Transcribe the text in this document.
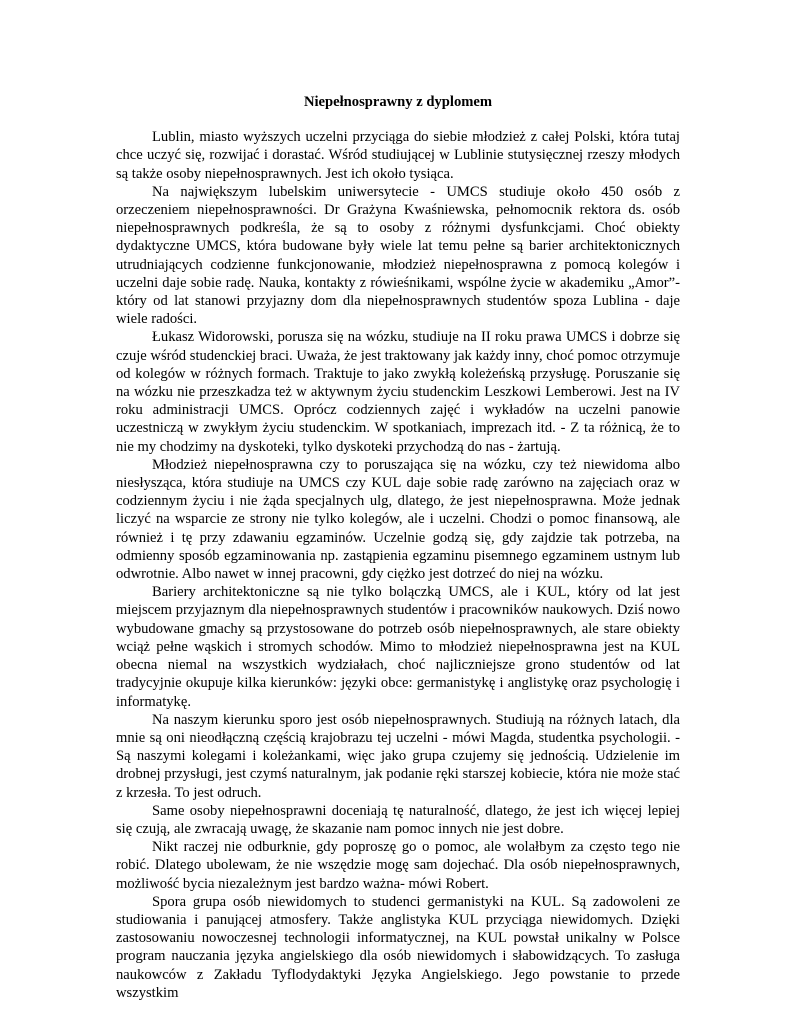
Niepełnosprawny z dyplomem

Lublin, miasto wyższych uczelni przyciąga do siebie młodzież z całej Polski, która tutaj chce uczyć się, rozwijać i dorastać. Wśród studiującej w Lublinie stutysięcznej rzeszy młodych są także osoby niepełnosprawnych. Jest ich około tysiąca.

Na największym lubelskim uniwersytecie - UMCS studiuje około 450 osób z orzeczeniem niepełnosprawności. Dr Grażyna Kwaśniewska, pełnomocnik rektora ds. osób niepełnosprawnych podkreśla, że są to osoby z różnymi dysfunkcjami. Choć obiekty dydaktyczne UMCS, która budowane były wiele lat temu pełne są barier architektonicznych utrudniających codzienne funkcjonowanie, młodzież niepełnosprawna z pomocą kolegów i uczelni daje sobie radę. Nauka, kontakty z rówieśnikami, wspólne życie w akademiku „Amor”- który od lat stanowi przyjazny dom dla niepełnosprawnych studentów spoza Lublina - daje wiele radości.

Łukasz Widorowski, porusza się na wózku, studiuje na II roku prawa UMCS i dobrze się czuje wśród studenckiej braci. Uważa, że jest traktowany jak każdy inny, choć pomoc otrzymuje od kolegów w różnych formach. Traktuje to jako zwykłą koleżeńską przysługę. Poruszanie się na wózku nie przeszkadza też w aktywnym życiu studenckim Leszkowi Lemberowi. Jest na IV roku administracji UMCS. Oprócz codziennych zajęć i wykładów na uczelni panowie uczestniczą w zwykłym życiu studenckim. W spotkaniach, imprezach itd. - Z ta różnicą, że to nie my chodzimy na dyskoteki, tylko dyskoteki przychodzą do nas - żartują.

Młodzież niepełnosprawna czy to poruszająca się na wózku, czy też niewidoma albo niesłysząca, która studiuje na UMCS czy KUL daje sobie radę zarówno na zajęciach oraz w codziennym życiu i nie żąda specjalnych ulg, dlatego, że jest niepełnosprawna. Może jednak liczyć na wsparcie ze strony nie tylko kolegów, ale i uczelni. Chodzi o pomoc finansową, ale również i tę przy zdawaniu egzaminów. Uczelnie godzą się, gdy zajdzie tak potrzeba, na odmienny sposób egzaminowania np. zastąpienia egzaminu pisemnego egzaminem ustnym lub odwrotnie. Albo nawet w innej pracowni, gdy ciężko jest dotrzeć do niej na wózku.

Bariery architektoniczne są nie tylko bolączką UMCS, ale i KUL, który od lat jest miejscem przyjaznym dla niepełnosprawnych studentów i pracowników naukowych. Dziś nowo wybudowane gmachy są przystosowane do potrzeb osób niepełnosprawnych, ale stare obiekty wciąż pełne wąskich i stromych schodów. Mimo to młodzież niepełnosprawna jest na KUL obecna niemal na wszystkich wydziałach, choć najliczniejsze grono studentów od lat tradycyjnie okupuje kilka kierunków: języki obce: germanistykę i anglistykę oraz psychologię i informatykę.

Na naszym kierunku sporo jest osób niepełnosprawnych. Studiują na różnych latach, dla mnie są oni nieodłączną częścią krajobrazu tej uczelni - mówi Magda, studentka psychologii. - Są naszymi kolegami i koleżankami, więc jako grupa czujemy się jednością. Udzielenie im drobnej przysługi, jest czymś naturalnym, jak podanie ręki starszej kobiecie, która nie może stać z krzesła. To jest odruch.

Same osoby niepełnosprawni doceniają tę naturalność, dlatego, że jest ich więcej lepiej się czują, ale zwracają uwagę, że skazanie nam pomoc innych nie jest dobre.

Nikt raczej nie odburknie, gdy poproszę go o pomoc, ale wolałbym za często tego nie robić. Dlatego ubolewam, że nie wszędzie mogę sam dojechać. Dla osób niepełnosprawnych, możliwość bycia niezależnym jest bardzo ważna- mówi Robert.

Spora grupa osób niewidomych to studenci germanistyki na KUL. Są zadowoleni ze studiowania i panującej atmosfery. Także anglistyka KUL przyciąga niewidomych. Dzięki zastosowaniu nowoczesnej technologii informatycznej, na KUL powstał unikalny w Polsce program nauczania języka angielskiego dla osób niewidomych i słabowidzących. To zasługa naukowców z Zakładu Tyflodydaktyki Języka Angielskiego. Jego powstanie to przede wszystkim
